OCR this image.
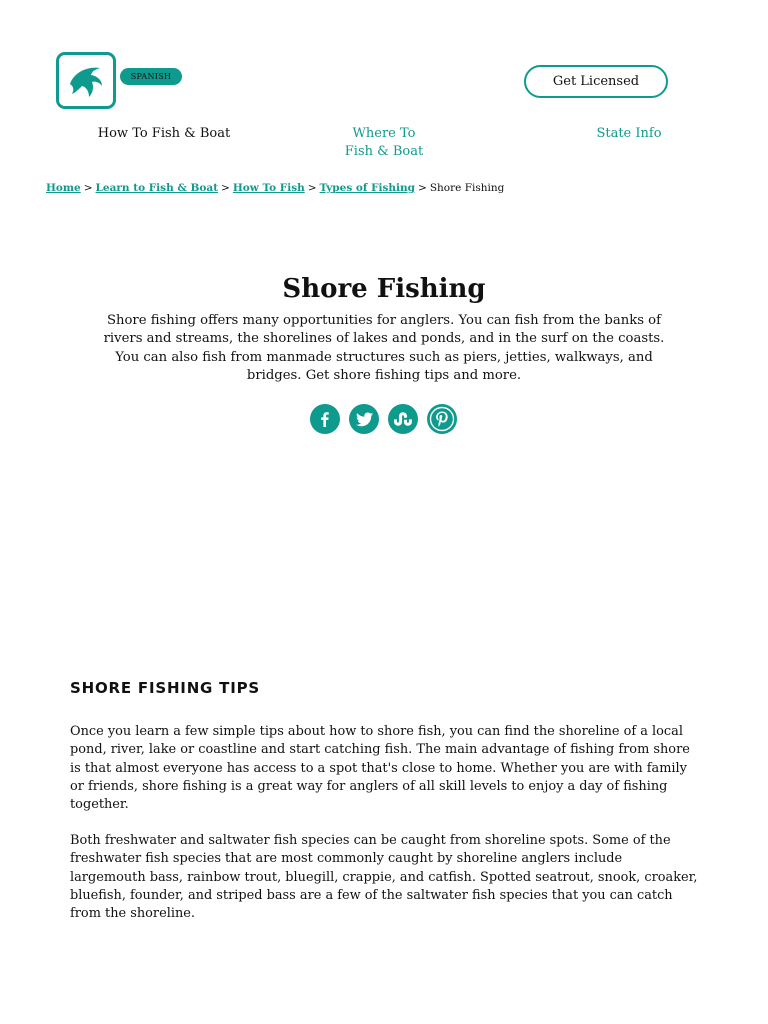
SPANISH	Get Licensed
How To Fish & Boat	Where To
Fish & Boat
State Info
Home > Learn to Fish & Boat > How To Fish > Types of Fishing > Shore Fishing
Shore Fishing

Shore fishing offers many opportunities for anglers. You can fish from the banks of rivers and streams, the shorelines of lakes and ponds, and in the surf on the coasts. You can also fish from manmade structures such as piers, jetties, walkways, and bridges. Get shore fishing tips and more.

SHORE FISHING TIPS

Once you learn a few simple tips about how to shore fish, you can find the shoreline of a local pond, river, lake or coastline and start catching fish. The main advantage of fishing from shore is that almost everyone has access to a spot that's close to home. Whether you are with family or friends, shore fishing is a great way for anglers of all skill levels to enjoy a day of fishing together.

Both freshwater and saltwater fish species can be caught from shoreline spots. Some of the freshwater fish species that are most commonly caught by shoreline anglers include largemouth bass, rainbow trout, bluegill, crappie, and catfish. Spotted seatrout, snook, croaker, bluefish, founder, and striped bass are a few of the saltwater fish species that you can catch from the shoreline.
